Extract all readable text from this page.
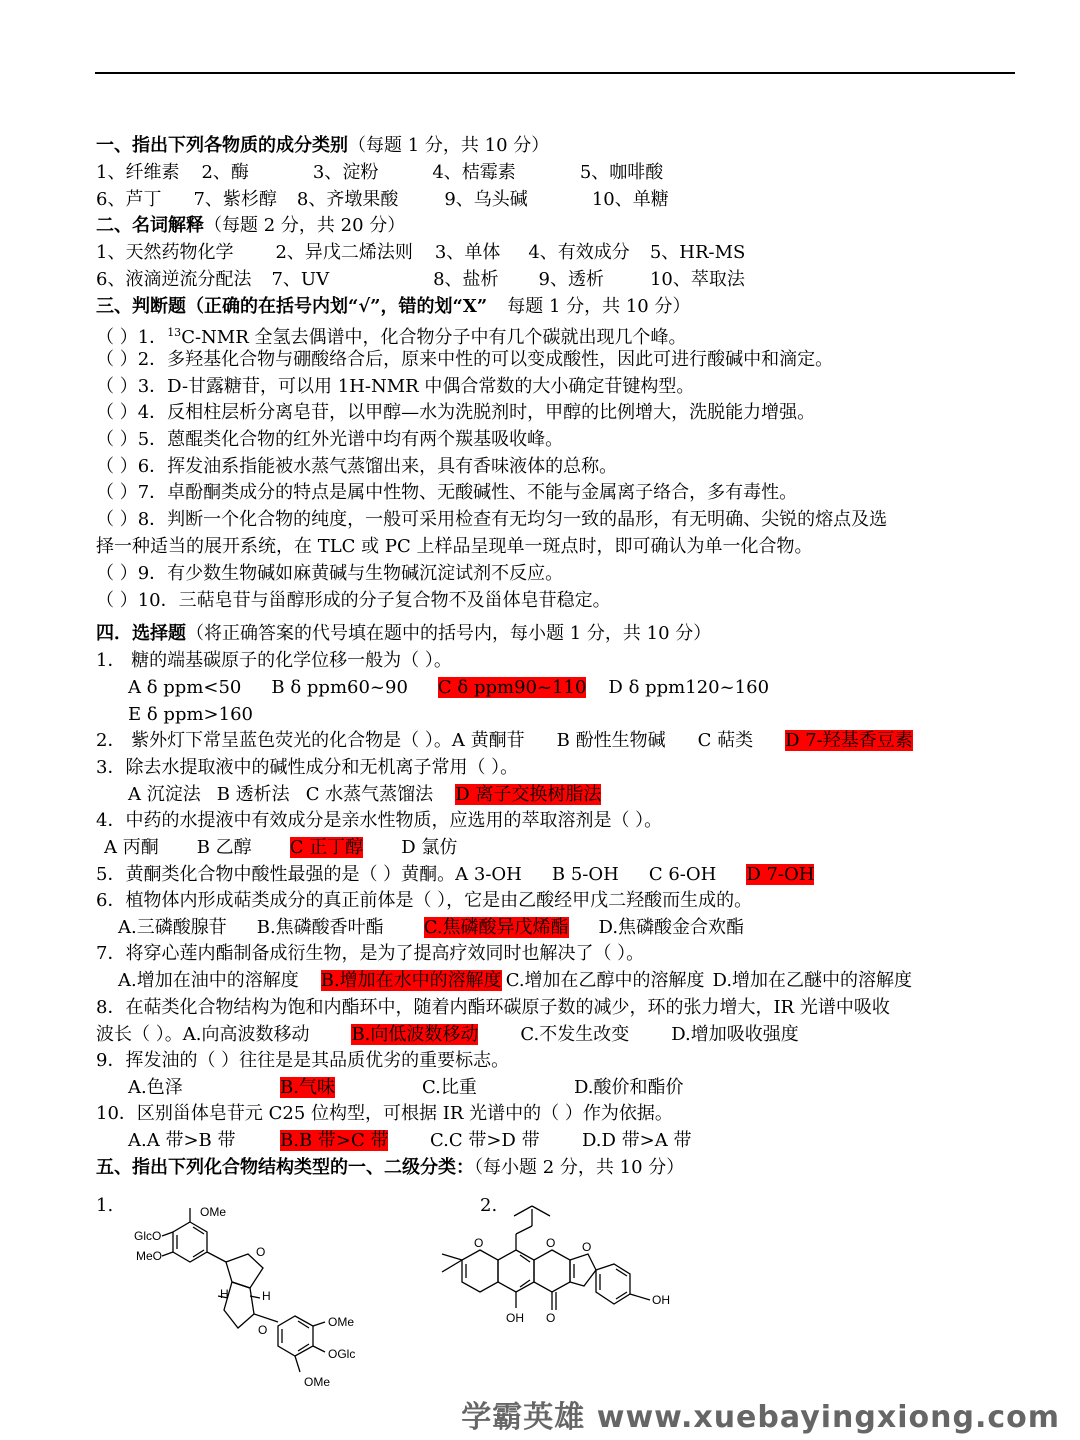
一、指出下列各物质的成分类别（每题 1 分，共 10 分）
1、纤维素 2、酶	3、淀粉	4、桔霉素	5、咖啡酸
6、芦丁 7、紫杉醇 8、齐墩果酸	9、乌头碱	10、单糖
二、名词解释（每题 2 分，共 20 分）
1、天然药物化学 2、异戊二烯法则 3、单体 4、有效成分 5、HR-MS
6、液滴逆流分配法 7、UV	8、盐析 9、透析	10、萃取法
三、判断题（正确的在括号内划“√”，错的划“X” 每题 1 分，共 10 分）
（ ）1．$^{13}$C-NMR 全氢去偶谱中，化合物分子中有几个碳就出现几个峰。
（ ）2．多羟基化合物与硼酸络合后，原来中性的可以变成酸性，因此可进行酸碱中和滴定。
（ ）3．D-甘露糖苷，可以用 1H-NMR 中偶合常数的大小确定苷键构型。
（ ）4．反相柱层析分离皂苷，以甲醇—水为洗脱剂时，甲醇的比例增大，洗脱能力增强。
（ ）5．蒽醌类化合物的红外光谱中均有两个羰基吸收峰。
（ ）6．挥发油系指能被水蒸气蒸馏出来，具有香味液体的总称。
（ ）7．卓酚酮类成分的特点是属中性物、无酸碱性、不能与金属离子络合，多有毒性。
（ ）8．判断一个化合物的纯度，一般可采用检查有无均匀一致的晶形，有无明确、尖锐的熔点及选
择一种适当的展开系统，在 TLC 或 PC 上样品呈现单一斑点时，即可确认为单一化合物。
（ ）9．有少数生物碱如麻黄碱与生物碱沉淀试剂不反应。
（ ）10．三萜皂苷与甾醇形成的分子复合物不及甾体皂苷稳定。
四．选择题（将正确答案的代号填在题中的括号内，每小题 1 分，共 10 分）
1． 糖的端基碳原子的化学位移一般为（ ）。
A δ ppm<50 B δ ppm60~90 C δ ppm90~110 D δ ppm120~160
E δ ppm>160
2． 紫外灯下常呈蓝色荧光的化合物是（ ）。A 黄酮苷 B 酚性生物碱 C 萜类 D 7-羟基香豆素
3．除去水提取液中的碱性成分和无机离子常用（ ）。
A 沉淀法 B 透析法 C 水蒸气蒸馏法 D 离子交换树脂法
4．中药的水提液中有效成分是亲水性物质，应选用的萃取溶剂是（ ）。
A 丙酮 B 乙醇 C 正丁醇 D 氯仿
5．黄酮类化合物中酸性最强的是（ ）黄酮。A 3-OH B 5-OH C 6-OH D 7-OH
6．植物体内形成萜类成分的真正前体是（ ），它是由乙酸经甲戊二羟酸而生成的。
A.三磷酸腺苷 B.焦磷酸香叶酯 C.焦磷酸异戊烯酯 D.焦磷酸金合欢酯
7．将穿心莲内酯制备成衍生物，是为了提高疗效同时也解决了（ ）。
A.增加在油中的溶解度 B.增加在水中的溶解度 C.增加在乙醇中的溶解度 D.增加在乙醚中的溶解度
8．在萜类化合物结构为饱和内酯环中，随着内酯环碳原子数的减少，环的张力增大，IR 光谱中吸收
波长（ ）。A.向高波数移动 B.向低波数移动 C.不发生改变 D.增加吸收强度
9．挥发油的（ ）往往是是其品质优劣的重要标志。
A.色泽	B.气味	C.比重	D.酸价和酯价
10．区别甾体皂苷元 C25 位构型，可根据 IR 光谱中的（ ）作为依据。
A.A 带>B 带 B.B 带>C 带 C.C 带>D 带 D.D 带>A 带
五、指出下列化合物结构类型的一、二级分类：（每小题 2 分，共 10 分）
1.	2.
OMe
GlcO
MeO	O
H	H
O
OMe
OGlc
OMe
O	O O
OH O
OH
学霸英雄 www.xuebayingxiong.com
